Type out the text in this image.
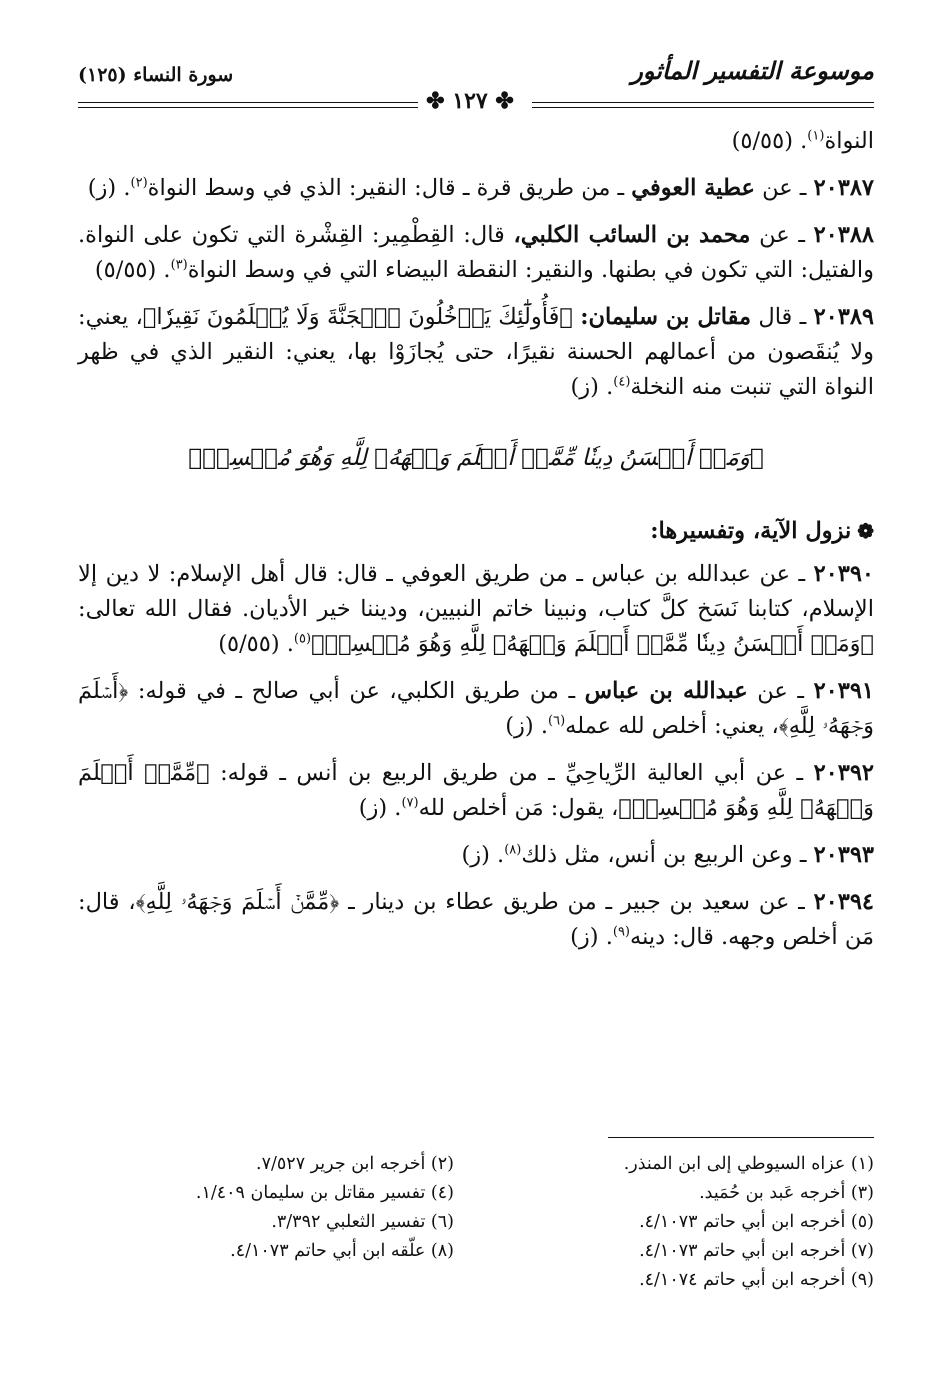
موسوعة التفسير المأثور
سورة النساء (١٢٥)
✤ ١٢٧ ✤

النواة$^{(١)}$. (٥/٥٥)

٢٠٣٨٧ ـ عن عطية العوفي ـ من طريق قرة ـ قال: النقير: الذي في وسط النواة$^{(٢)}$. (ز)

٢٠٣٨٨ ـ عن محمد بن السائب الكلبي، قال: القِطْمِير: القِشْرة التي تكون على النواة. والفتيل: التي تكون في بطنها. والنقير: النقطة البيضاء التي في وسط النواة$^{(٣)}$. (٥/٥٥)

٢٠٣٨٩ ـ قال مقاتل بن سليمان: ﴿فَأُولَٰٓئِكَ يَدۡخُلُونَ ٱلۡجَنَّةَ وَلَا يُظۡلَمُونَ نَقِيرٗا﴾، يعني: ولا يُنقَصون من أعمالهم الحسنة نقيرًا، حتى يُجازَوْا بها، يعني: النقير الذي في ظهر النواة التي تنبت منه النخلة$^{(٤)}$. (ز)

﴿وَمَنۡ أَحۡسَنُ دِينٗا مِّمَّنۡ أَسۡلَمَ وَجۡهَهُۥ لِلَّهِ وَهُوَ مُحۡسِنٞ﴾
❁نزول الآية، وتفسيرها:

٢٠٣٩٠ ـ عن عبدالله بن عباس ـ من طريق العوفي ـ قال: قال أهل الإسلام: لا دين إلا الإسلام، كتابنا نَسَخ كلَّ كتاب، ونبينا خاتم النبيين، وديننا خير الأديان. فقال الله تعالى: ﴿وَمَنۡ أَحۡسَنُ دِينٗا مِّمَّنۡ أَسۡلَمَ وَجۡهَهُۥ لِلَّهِ وَهُوَ مُحۡسِنٞ﴾$^{(٥)}$. (٥/٥٥)

٢٠٣٩١ ـ عن عبدالله بن عباس ـ من طريق الكلبي، عن أبي صالح ـ في قوله: ﴿أَسۡلَمَ وَجۡهَهُۥ لِلَّهِ﴾، يعني: أخلص لله عمله$^{(٦)}$. (ز)

٢٠٣٩٢ ـ عن أبي العالية الرِّياحِيِّ ـ من طريق الربيع بن أنس ـ قوله: ﴿مِّمَّنۡ أَسۡلَمَ وَجۡهَهُۥ لِلَّهِ وَهُوَ مُحۡسِنٞ﴾، يقول: مَن أخلص لله$^{(٧)}$. (ز)

٢٠٣٩٣ ـ وعن الربيع بن أنس، مثل ذلك$^{(٨)}$. (ز)

٢٠٣٩٤ ـ عن سعيد بن جبير ـ من طريق عطاء بن دينار ـ ﴿مِّمَّنۡ أَسۡلَمَ وَجۡهَهُۥ لِلَّهِ﴾، قال: مَن أخلص وجهه. قال: دينه$^{(٩)}$. (ز)

(١) عزاه السيوطي إلى ابن المنذر.
(٣) أخرجه عَبد بن حُمَيد.
(٥) أخرجه ابن أبي حاتم ٤/١٠٧٣.
(٧) أخرجه ابن أبي حاتم ٤/١٠٧٣.
(٩) أخرجه ابن أبي حاتم ٤/١٠٧٤.
(٢) أخرجه ابن جرير ٧/٥٢٧.
(٤) تفسير مقاتل بن سليمان ١/٤٠٩.
(٦) تفسير الثعلبي ٣/٣٩٢.
(٨) علّقه ابن أبي حاتم ٤/١٠٧٣.
